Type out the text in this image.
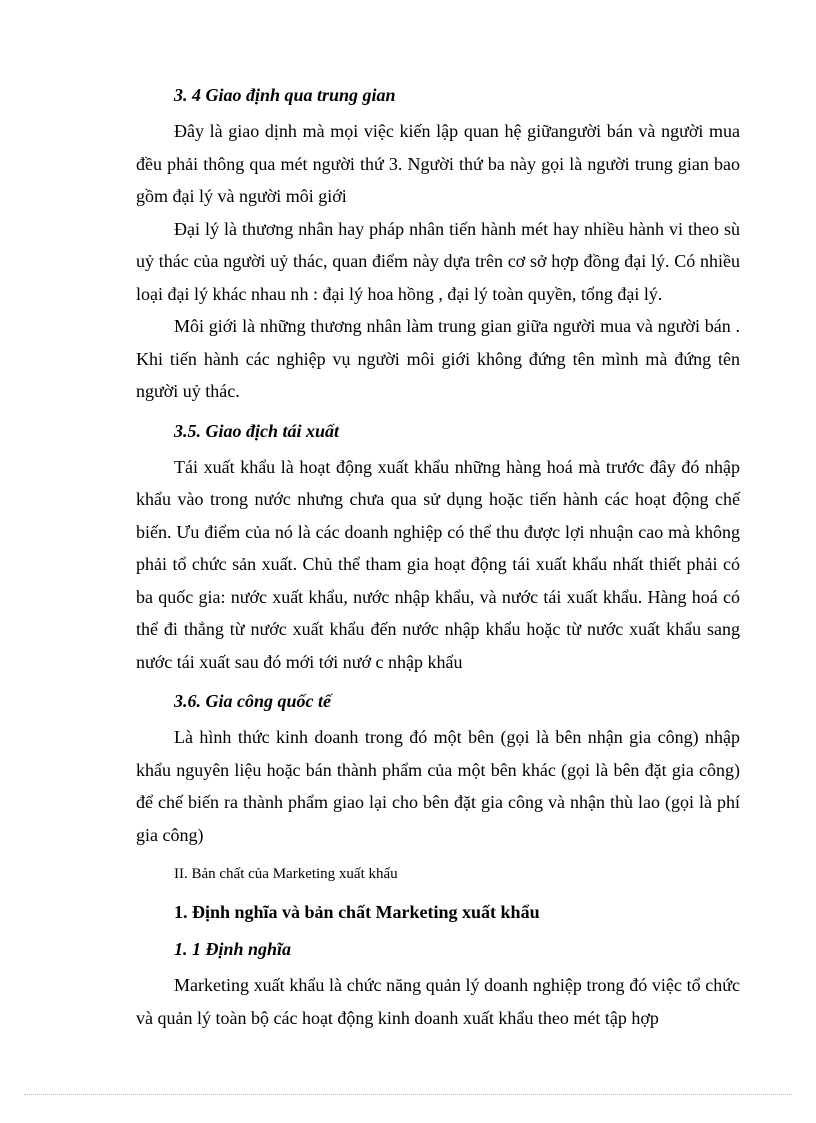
3. 4 Giao định qua trung gian

Đây là giao dịnh mà mọi việc kiến lập quan hệ giữangười bán và người mua đều phải thông qua mét người thứ 3. Người thứ ba này gọi là người trung gian bao gồm đại lý và người môi giới

Đại lý là thương nhân hay pháp nhân tiến hành mét hay nhiều hành vi theo sù uỷ thác của người uỷ thác, quan điểm này dựa trên cơ sở hợp đồng đại lý. Có nhiều loại đại lý khác nhau nh : đại lý hoa hồng , đại lý toàn quyền, tổng đại lý.

Môi giới là những thương nhân làm trung gian giữa người mua và người bán . Khi tiến hành các nghiệp vụ người môi giới không đứng tên mình mà đứng tên người uỷ thác.

3.5. Giao địch tái xuất

Tái xuất khẩu là hoạt động xuất khẩu những hàng hoá mà trước đây đó nhập khẩu vào trong nước nhưng chưa qua sử dụng hoặc tiến hành các hoạt động chế biến. Ưu điểm của nó là các doanh nghiệp có thể thu được lợi nhuận cao mà không phải tổ chức sản xuất. Chủ thể tham gia hoạt động tái xuất khẩu nhất thiết phải có ba quốc gia: nước xuất khẩu, nước nhập khẩu, và nước tái xuất khẩu. Hàng hoá có thể đi thẳng từ nước xuất khẩu đến nước nhập khẩu hoặc từ nước xuất khẩu sang nước tái xuất sau đó mới tới nướ c nhập khẩu

3.6. Gia công quốc tế

Là hình thức kinh doanh trong đó một bên (gọi là bên nhận gia công) nhập khẩu nguyên liệu hoặc bán thành phẩm của một bên khác (gọi là bên đặt gia công) để chế biến ra thành phẩm giao lại cho bên đặt gia công và nhận thù lao (gọi là phí gia công)

II. Bản chất của Marketing xuất khẩu

1. Định nghĩa và bản chất Marketing xuất khẩu

1. 1 Định nghĩa

Marketing xuất khẩu là chức năng quản lý doanh nghiệp trong đó việc tổ chức và quản lý toàn bộ các hoạt động kinh doanh xuất khẩu theo mét tập hợp
